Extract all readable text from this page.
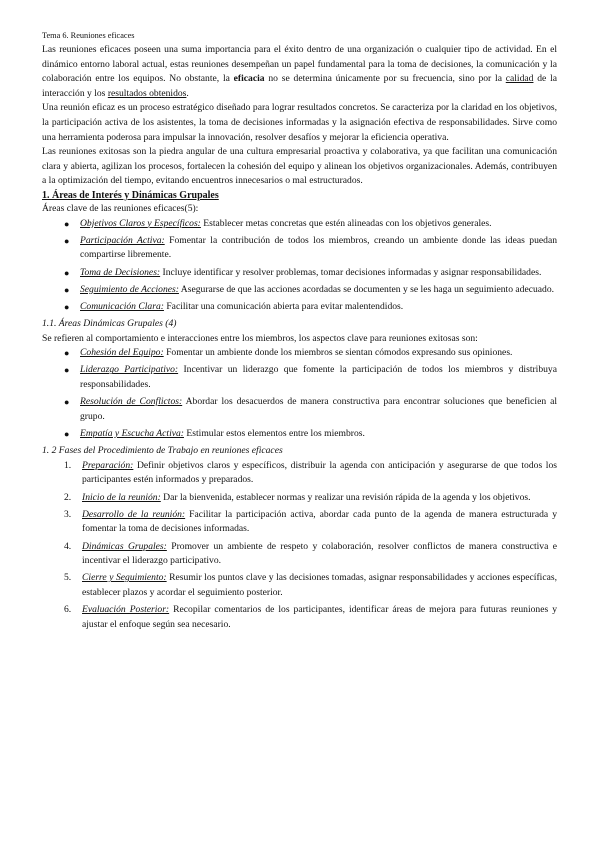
Tema 6. Reuniones eficaces

Las reuniones eficaces poseen una suma importancia para el éxito dentro de una organización o cualquier tipo de actividad. En el dinámico entorno laboral actual, estas reuniones desempeñan un papel fundamental para la toma de decisiones, la comunicación y la colaboración entre los equipos. No obstante, la eficacia no se determina únicamente por su frecuencia, sino por la calidad de la interacción y los resultados obtenidos.

Una reunión eficaz es un proceso estratégico diseñado para lograr resultados concretos. Se caracteriza por la claridad en los objetivos, la participación activa de los asistentes, la toma de decisiones informadas y la asignación efectiva de responsabilidades. Sirve como una herramienta poderosa para impulsar la innovación, resolver desafíos y mejorar la eficiencia operativa.

Las reuniones exitosas son la piedra angular de una cultura empresarial proactiva y colaborativa, ya que facilitan una comunicación clara y abierta, agilizan los procesos, fortalecen la cohesión del equipo y alinean los objetivos organizacionales. Además, contribuyen a la optimización del tiempo, evitando encuentros innecesarios o mal estructurados.

1. Áreas de Interés y Dinámicas Grupales

Áreas clave de las reuniones eficaces(5):

● Objetivos Claros y Específicos: Establecer metas concretas que estén alineadas con los objetivos generales.
● Participación Activa: Fomentar la contribución de todos los miembros, creando un ambiente donde las ideas puedan compartirse libremente.
● Toma de Decisiones: Incluye identificar y resolver problemas, tomar decisiones informadas y asignar responsabilidades.
● Seguimiento de Acciones: Asegurarse de que las acciones acordadas se documenten y se les haga un seguimiento adecuado.
● Comunicación Clara: Facilitar una comunicación abierta para evitar malentendidos.

1.1. Áreas Dinámicas Grupales (4)

Se refieren al comportamiento e interacciones entre los miembros, los aspectos clave para reuniones exitosas son:

● Cohesión del Equipo: Fomentar un ambiente donde los miembros se sientan cómodos expresando sus opiniones.
● Liderazgo Participativo: Incentivar un liderazgo que fomente la participación de todos los miembros y distribuya responsabilidades.
● Resolución de Conflictos: Abordar los desacuerdos de manera constructiva para encontrar soluciones que beneficien al grupo.
● Empatía y Escucha Activa: Estimular estos elementos entre los miembros.

1. 2 Fases del Procedimiento de Trabajo en reuniones eficaces

1. Preparación: Definir objetivos claros y específicos, distribuir la agenda con anticipación y asegurarse de que todos los participantes estén informados y preparados.
2. Inicio de la reunión: Dar la bienvenida, establecer normas y realizar una revisión rápida de la agenda y los objetivos.
3. Desarrollo de la reunión: Facilitar la participación activa, abordar cada punto de la agenda de manera estructurada y fomentar la toma de decisiones informadas.
4. Dinámicas Grupales: Promover un ambiente de respeto y colaboración, resolver conflictos de manera constructiva e incentivar el liderazgo participativo.
5. Cierre y Seguimiento: Resumir los puntos clave y las decisiones tomadas, asignar responsabilidades y acciones específicas, establecer plazos y acordar el seguimiento posterior.
6. Evaluación Posterior: Recopilar comentarios de los participantes, identificar áreas de mejora para futuras reuniones y ajustar el enfoque según sea necesario.
